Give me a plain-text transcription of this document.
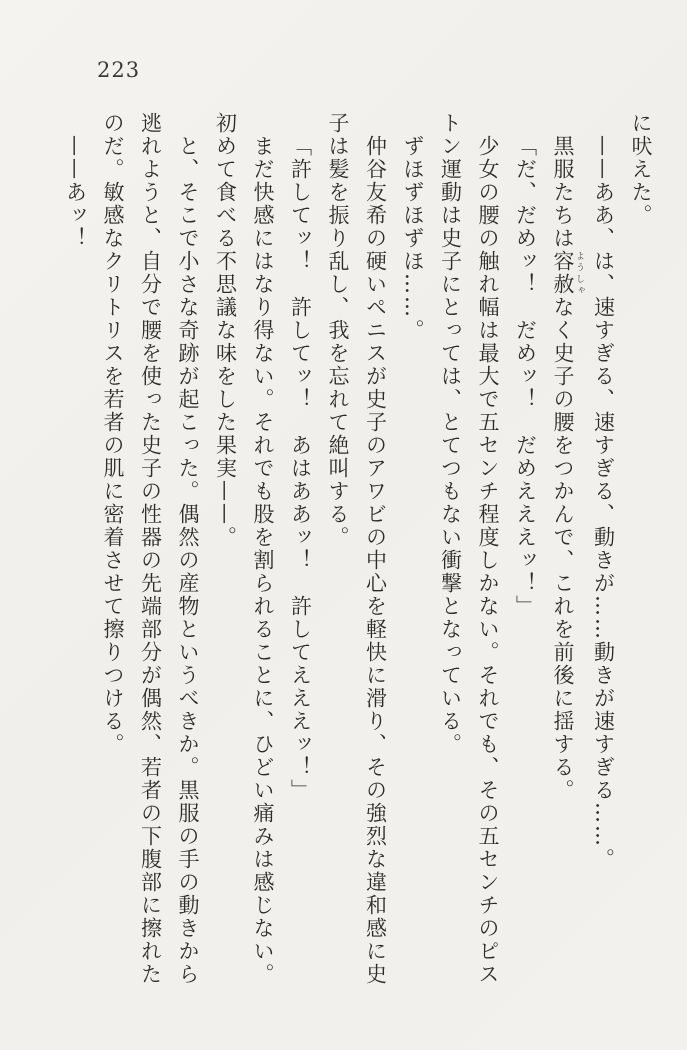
223

に吠えた。

——ああ、は、速すぎる、速すぎる、動きが……動きが速すぎる……。

黒服たちは容赦 ようしゃなく史子の腰をつかんで、これを前後に揺する。

「だ、だめッ！　だめッ！　だめえええッ！」

少女の腰の触れ幅は最大で五センチ程度しかない。それでも、その五センチのピストン運動は史子にとっては、とてつもない衝撃となっている。

ずほずほずほ……。

仲谷友希の硬いペニスが史子のアワビの中心を軽快に滑り、その強烈な違和感に史子は髪を振り乱し、我を忘れて絶叫する。

「許してッ！　許してッ！　あはああッ！　許してえええッ！」

まだ快感にはなり得ない。それでも股を割られることに、ひどい痛みは感じない。初めて食べる不思議な味をした果実——。

と、そこで小さな奇跡が起こった。偶然の産物というべきか。黒服の手の動きから逃れようと、自分で腰を使った史子の性器の先端部分が偶然、若者の下腹部に擦れたのだ。敏感なクリトリスを若者の肌に密着させて擦りつける。

——あッ！
